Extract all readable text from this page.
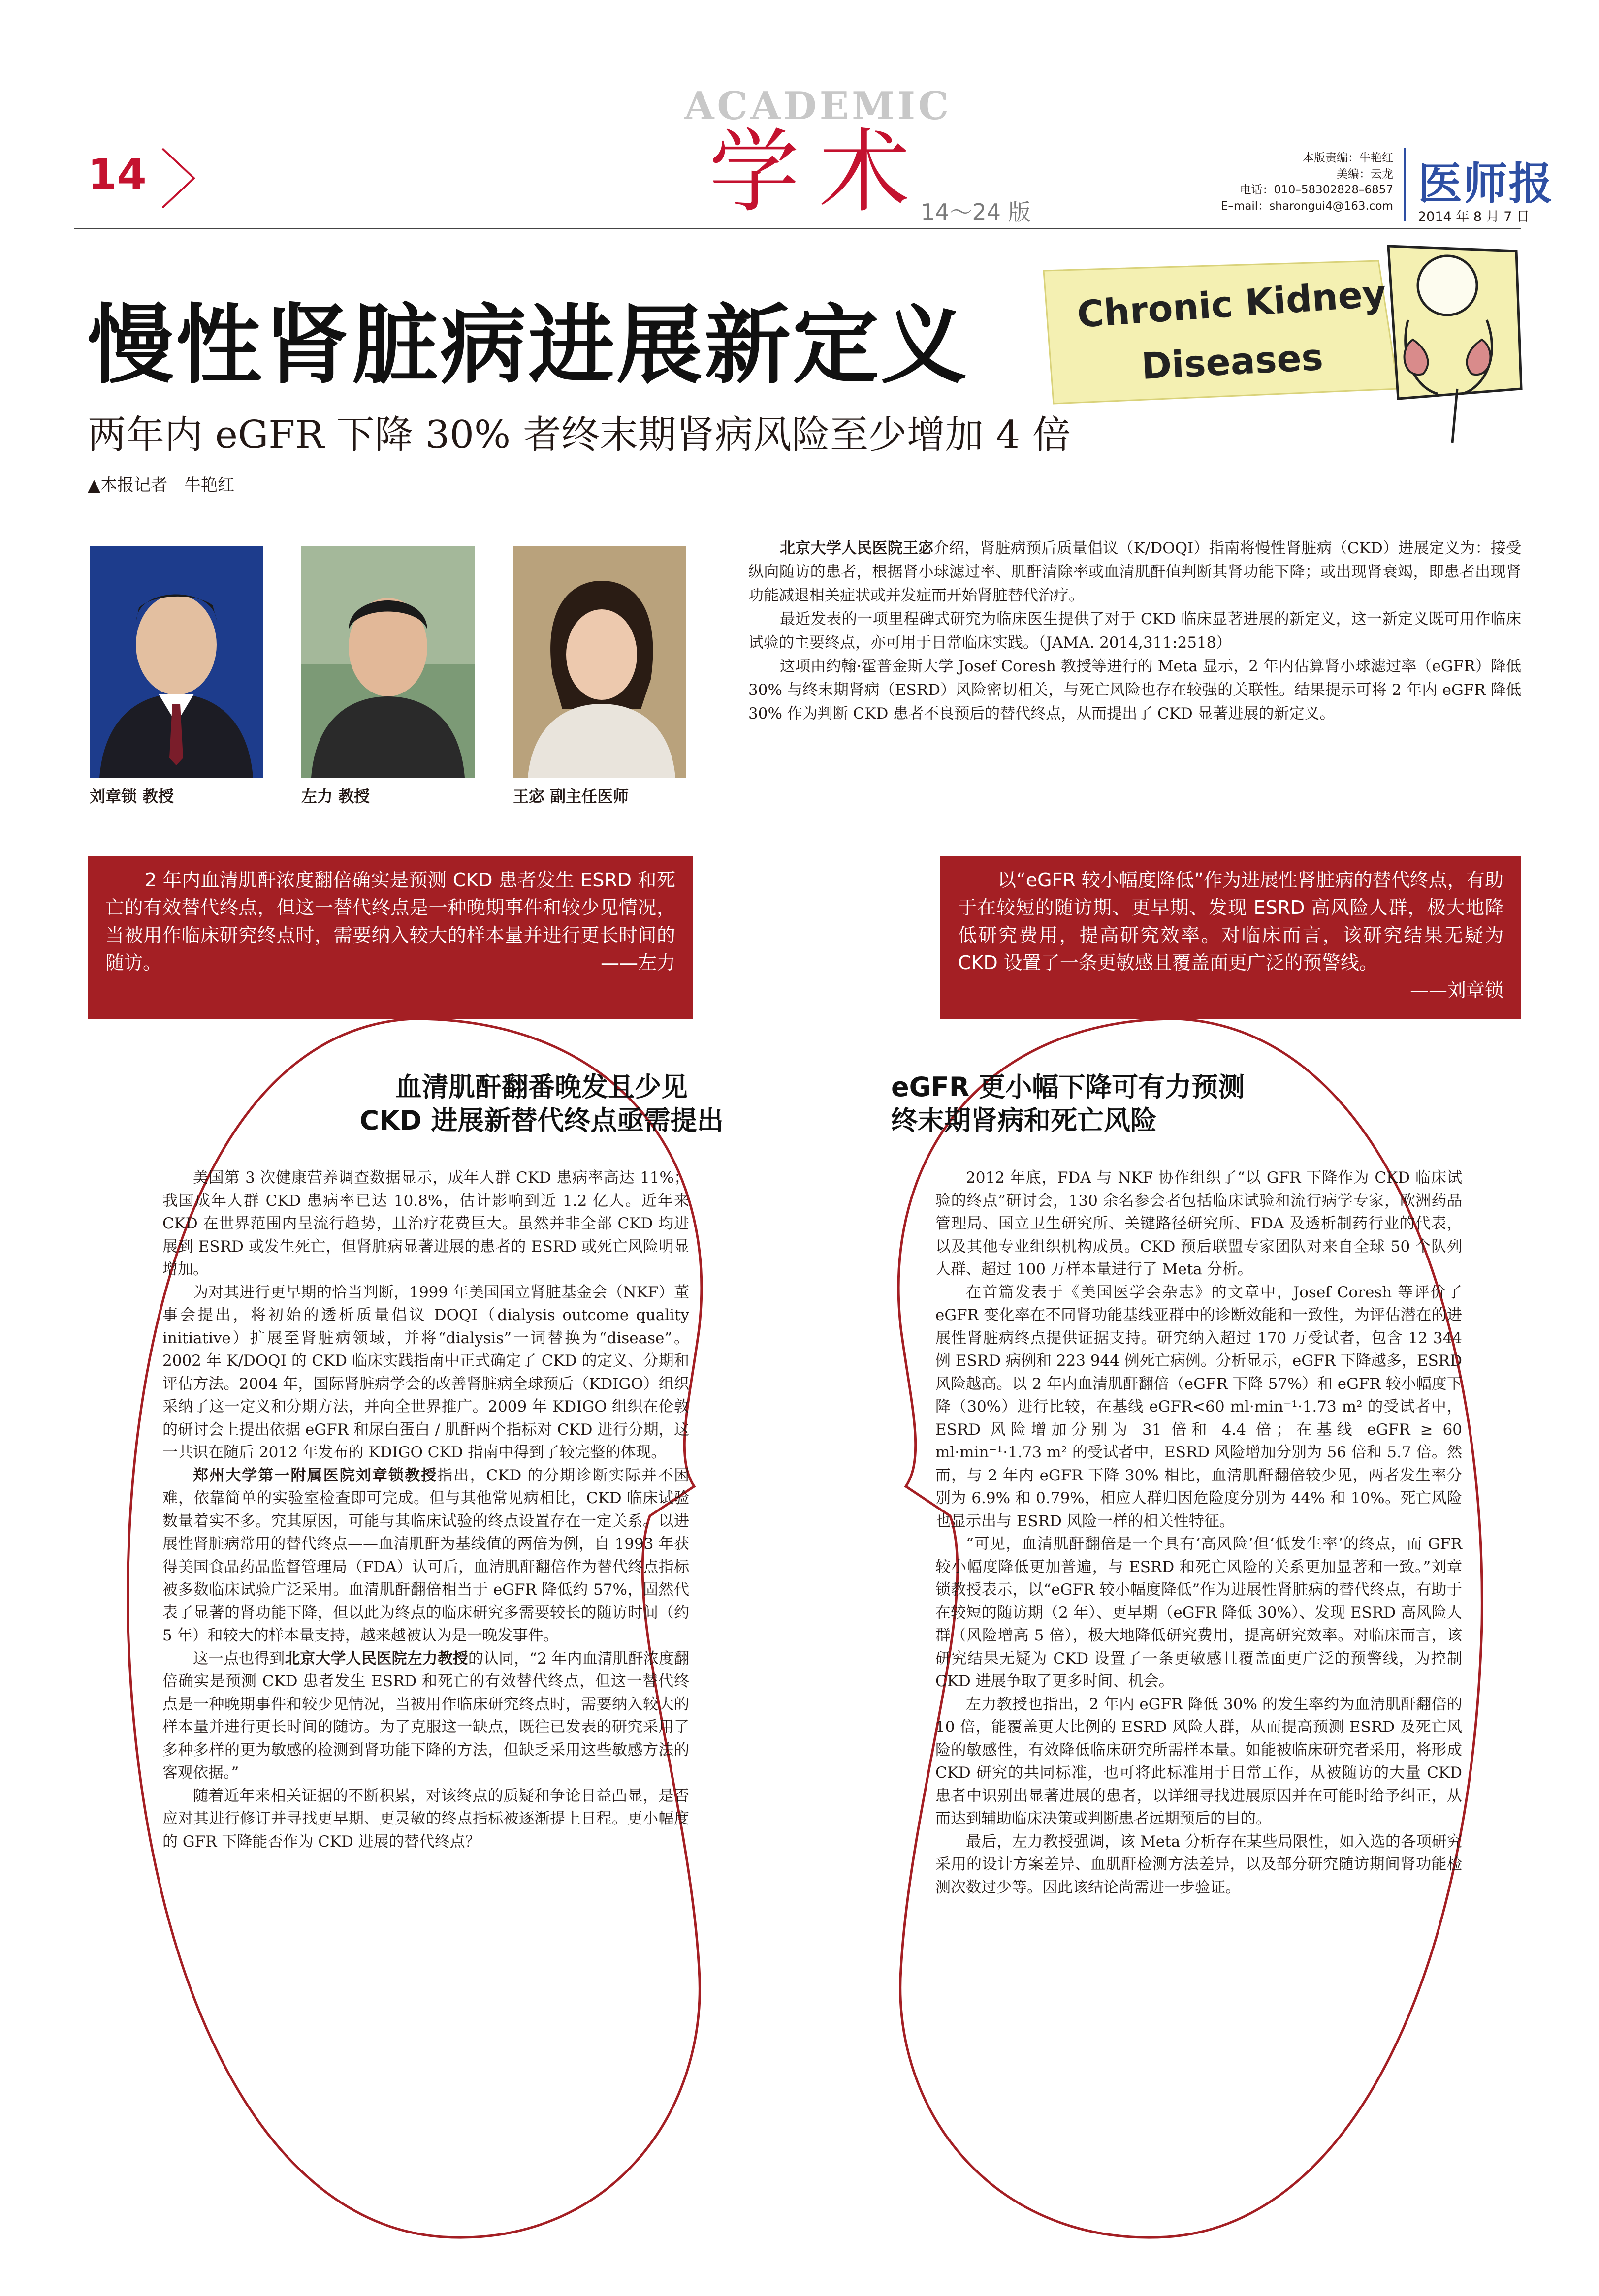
14
ACADEMIC
学术
14～24 版
本版责编：牛艳红
美编：云龙
电话：010–58302828–6857
E–mail：sharongui4@163.com 医师报
2014 年 8 月 7 日
Chronic Kidney
Diseases
慢性肾脏病进展新定义
两年内 eGFR 下降 30% 者终末期肾病风险至少增加 4 倍
▲本报记者　牛艳红
刘章锁 教授	左力 教授	王宓 副主任医师

北京大学人民医院王宓介绍，肾脏病预后质量倡议（K/DOQI）指南将慢性肾脏病（CKD）进展定义为：接受纵向随访的患者，根据肾小球滤过率、肌酐清除率或血清肌酐值判断其肾功能下降；或出现肾衰竭，即患者出现肾功能减退相关症状或并发症而开始肾脏替代治疗。

最近发表的一项里程碑式研究为临床医生提供了对于 CKD 临床显著进展的新定义，这一新定义既可用作临床试验的主要终点，亦可用于日常临床实践。（JAMA. 2014,311:2518）

这项由约翰·霍普金斯大学 Josef Coresh 教授等进行的 Meta 显示，2 年内估算肾小球滤过率（eGFR）降低 30% 与终末期肾病（ESRD）风险密切相关，与死亡风险也存在较强的关联性。结果提示可将 2 年内 eGFR 降低 30% 作为判断 CKD 患者不良预后的替代终点，从而提出了 CKD 显著进展的新定义。

2 年内血清肌酐浓度翻倍确实是预测 CKD 患者发生 ESRD 和死亡的有效替代终点，但这一替代终点是一种晚期事件和较少见情况，当被用作临床研究终点时，需要纳入较大的样本量并进行更长时间的随访。	——左力

以“eGFR 较小幅度降低”作为进展性肾脏病的替代终点，有助于在较短的随访期、更早期、发现 ESRD 高风险人群，极大地降低研究费用，提高研究效率。对临床而言，该研究结果无疑为 CKD 设置了一条更敏感且覆盖面更广泛的预警线。

——刘章锁

血清肌酐翻番晚发且少见
CKD 进展新替代终点亟需提出

美国第 3 次健康营养调查数据显示，成年人群 CKD 患病率高达 11%；我国成年人群 CKD 患病率已达 10.8%，估计影响到近 1.2 亿人。近年来 CKD 在世界范围内呈流行趋势，且治疗花费巨大。虽然并非全部 CKD 均进展到 ESRD 或发生死亡，但肾脏病显著进展的患者的 ESRD 或死亡风险明显增加。

为对其进行更早期的恰当判断，1999 年美国国立肾脏基金会（NKF）董事会提出，将初始的透析质量倡议 DOQI（dialysis outcome quality initiative）扩展至肾脏病领域，并将“dialysis”一词替换为“disease”。2002 年 K/DOQI 的 CKD 临床实践指南中正式确定了 CKD 的定义、分期和评估方法。2004 年，国际肾脏病学会的改善肾脏病全球预后（KDIGO）组织采纳了这一定义和分期方法，并向全世界推广。2009 年 KDIGO 组织在伦敦的研讨会上提出依据 eGFR 和尿白蛋白 / 肌酐两个指标对 CKD 进行分期，这一共识在随后 2012 年发布的 KDIGO CKD 指南中得到了较完整的体现。

郑州大学第一附属医院刘章锁教授指出，CKD 的分期诊断实际并不困难，依靠简单的实验室检查即可完成。但与其他常见病相比，CKD 临床试验数量着实不多。究其原因，可能与其临床试验的终点设置存在一定关系。以进展性肾脏病常用的替代终点——血清肌酐为基线值的两倍为例，自 1993 年获得美国食品药品监督管理局（FDA）认可后，血清肌酐翻倍作为替代终点指标被多数临床试验广泛采用。血清肌酐翻倍相当于 eGFR 降低约 57%，固然代表了显著的肾功能下降，但以此为终点的临床研究多需要较长的随访时间（约 5 年）和较大的样本量支持，越来越被认为是一晚发事件。

这一点也得到北京大学人民医院左力教授的认同，“2 年内血清肌酐浓度翻倍确实是预测 CKD 患者发生 ESRD 和死亡的有效替代终点，但这一替代终点是一种晚期事件和较少见情况，当被用作临床研究终点时，需要纳入较大的样本量并进行更长时间的随访。为了克服这一缺点，既往已发表的研究采用了多种多样的更为敏感的检测到肾功能下降的方法，但缺乏采用这些敏感方法的客观依据。”

随着近年来相关证据的不断积累，对该终点的质疑和争论日益凸显，是否应对其进行修订并寻找更早期、更灵敏的终点指标被逐渐提上日程。更小幅度的 GFR 下降能否作为 CKD 进展的替代终点？

eGFR 更小幅下降可有力预测
终末期肾病和死亡风险

2012 年底，FDA 与 NKF 协作组织了“以 GFR 下降作为 CKD 临床试验的终点”研讨会，130 余名参会者包括临床试验和流行病学专家，欧洲药品管理局、国立卫生研究所、关键路径研究所、FDA 及透析制药行业的代表，以及其他专业组织机构成员。CKD 预后联盟专家团队对来自全球 50 个队列人群、超过 100 万样本量进行了 Meta 分析。

在首篇发表于《美国医学会杂志》的文章中，Josef Coresh 等评价了 eGFR 变化率在不同肾功能基线亚群中的诊断效能和一致性，为评估潜在的进展性肾脏病终点提供证据支持。研究纳入超过 170 万受试者，包含 12 344 例 ESRD 病例和 223 944 例死亡病例。分析显示，eGFR 下降越多，ESRD 风险越高。以 2 年内血清肌酐翻倍（eGFR 下降 57%）和 eGFR 较小幅度下降（30%）进行比较，在基线 eGFR<60 ml·min⁻¹·1.73 m² 的受试者中，ESRD 风险增加分别为 31 倍和 4.4 倍；在基线 eGFR ≥ 60 ml·min⁻¹·1.73 m² 的受试者中，ESRD 风险增加分别为 56 倍和 5.7 倍。然而，与 2 年内 eGFR 下降 30% 相比，血清肌酐翻倍较少见，两者发生率分别为 6.9% 和 0.79%，相应人群归因危险度分别为 44% 和 10%。死亡风险也显示出与 ESRD 风险一样的相关性特征。

“可见，血清肌酐翻倍是一个具有‘高风险’但‘低发生率’的终点，而 GFR 较小幅度降低更加普遍，与 ESRD 和死亡风险的关系更加显著和一致。”刘章锁教授表示，以“eGFR 较小幅度降低”作为进展性肾脏病的替代终点，有助于在较短的随访期（2 年）、更早期（eGFR 降低 30%）、发现 ESRD 高风险人群（风险增高 5 倍），极大地降低研究费用，提高研究效率。对临床而言，该研究结果无疑为 CKD 设置了一条更敏感且覆盖面更广泛的预警线，为控制 CKD 进展争取了更多时间、机会。

左力教授也指出，2 年内 eGFR 降低 30% 的发生率约为血清肌酐翻倍的 10 倍，能覆盖更大比例的 ESRD 风险人群，从而提高预测 ESRD 及死亡风险的敏感性，有效降低临床研究所需样本量。如能被临床研究者采用，将形成 CKD 研究的共同标准，也可将此标准用于日常工作，从被随访的大量 CKD 患者中识别出显著进展的患者，以详细寻找进展原因并在可能时给予纠正，从而达到辅助临床决策或判断患者远期预后的目的。

最后，左力教授强调，该 Meta 分析存在某些局限性，如入选的各项研究采用的设计方案差异、血肌酐检测方法差异，以及部分研究随访期间肾功能检测次数过少等。因此该结论尚需进一步验证。
